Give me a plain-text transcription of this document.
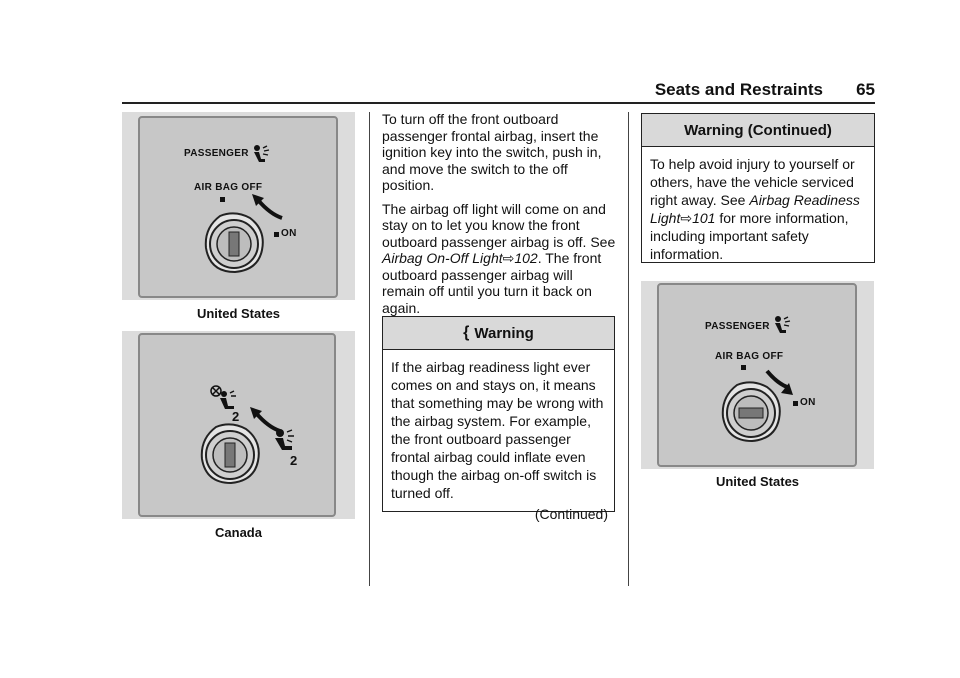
Seats and Restraints 65
PASSENGER
AIR BAG OFF
ON
United States
2
2
Canada

To turn off the front outboard passenger frontal airbag, insert the ignition key into the switch, push in, and move the switch to the off position.

The airbag off light will come on and stay on to let you know the front outboard passenger airbag is off. See Airbag On-Off Light⇨102. The front outboard passenger airbag will remain off until you turn it back on again.

{ Warning
If the airbag readiness light ever comes on and stays on, it means that something may be wrong with the airbag system. For example, the front outboard passenger frontal airbag could inflate even though the airbag on-off switch is turned off.
(Continued)
Warning (Continued)
To help avoid injury to yourself or others, have the vehicle serviced right away. See Airbag Readiness Light⇨101 for more information, including important safety information.
PASSENGER
AIR BAG OFF
ON
United States
